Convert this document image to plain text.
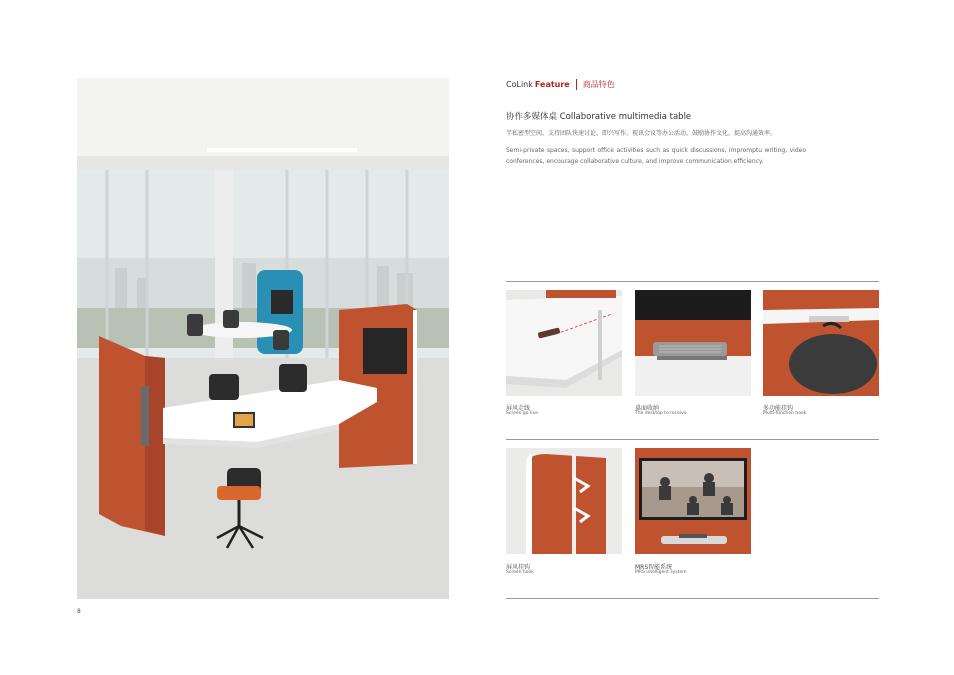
8
CoLink Feature 商品特色
协作多媒体桌 Collaborative multimedia table
半私密型空间，支持团队快速讨论、即兴写作、视讯会议等办公活动，鼓励协作文化，提高沟通效率。
Semi-private spaces, support office activities such as quick discussions, impromptu writing, video conferences, encourage collaborative culture, and improve communication efficiency.
屏风走线
Screen go line
桌面收纳
The desktop to receive
多功能挂钩
Multi-function hook
屏风挂钩
Screen hook
MRS智能系统
MRS intelligent system
